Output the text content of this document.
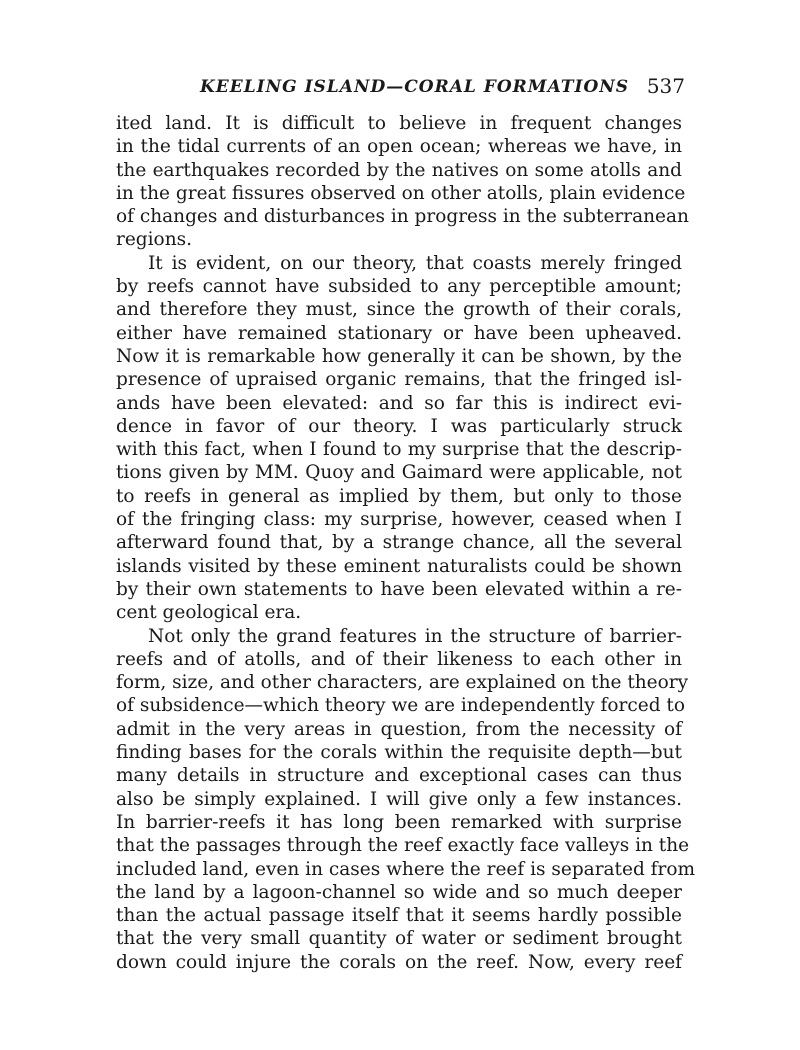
KEELING ISLAND—CORAL FORMATIONS 537
ited land. It is difficult to believe in frequent changes
in the tidal currents of an open ocean; whereas we have, in
the earthquakes recorded by the natives on some atolls and
in the great fissures observed on other atolls, plain evidence
of changes and disturbances in progress in the subterranean
regions.
It is evident, on our theory, that coasts merely fringed
by reefs cannot have subsided to any perceptible amount;
and therefore they must, since the growth of their corals,
either have remained stationary or have been upheaved.
Now it is remarkable how generally it can be shown, by the
presence of upraised organic remains, that the fringed isl-
ands have been elevated: and so far this is indirect evi-
dence in favor of our theory. I was particularly struck
with this fact, when I found to my surprise that the descrip-
tions given by MM. Quoy and Gaimard were applicable, not
to reefs in general as implied by them, but only to those
of the fringing class: my surprise, however, ceased when I
afterward found that, by a strange chance, all the several
islands visited by these eminent naturalists could be shown
by their own statements to have been elevated within a re-
cent geological era.
Not only the grand features in the structure of barrier-
reefs and of atolls, and of their likeness to each other in
form, size, and other characters, are explained on the theory
of subsidence—which theory we are independently forced to
admit in the very areas in question, from the necessity of
finding bases for the corals within the requisite depth—but
many details in structure and exceptional cases can thus
also be simply explained. I will give only a few instances.
In barrier-reefs it has long been remarked with surprise
that the passages through the reef exactly face valleys in the
included land, even in cases where the reef is separated from
the land by a lagoon-channel so wide and so much deeper
than the actual passage itself that it seems hardly possible
that the very small quantity of water or sediment brought
down could injure the corals on the reef. Now, every reef
